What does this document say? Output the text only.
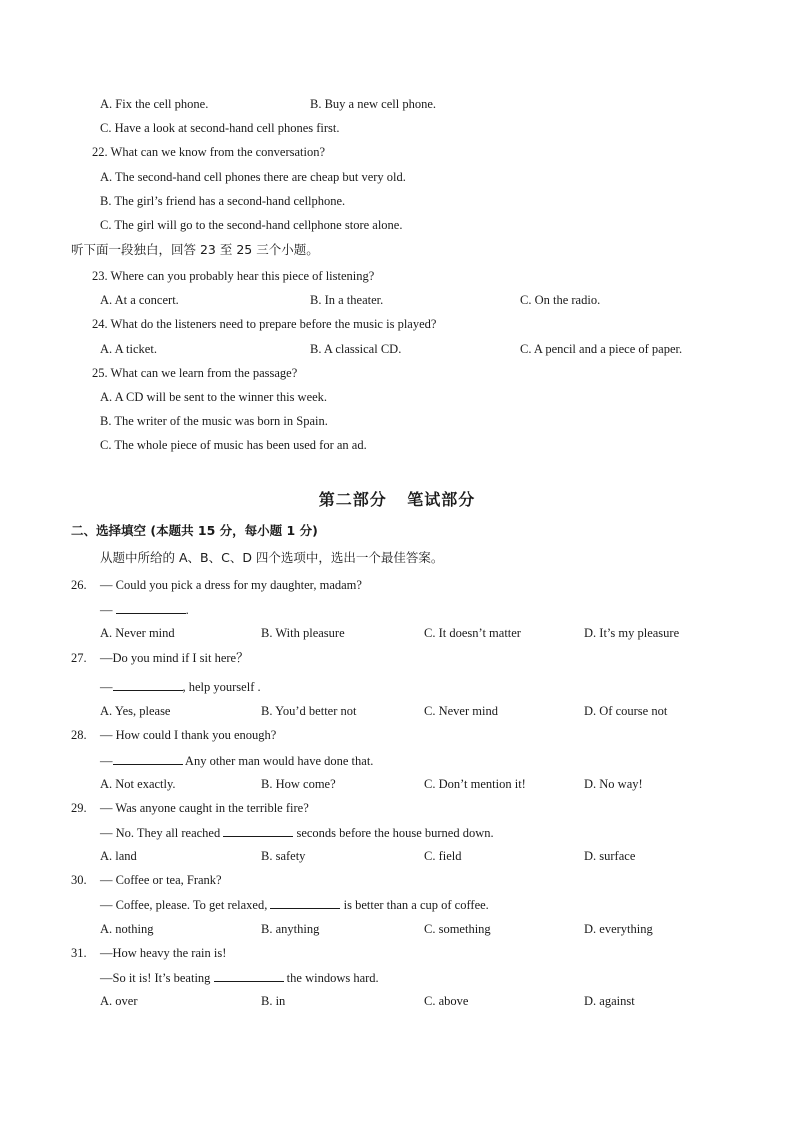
A. Fix the cell phone.	B. Buy a new cell phone.
C. Have a look at second-hand cell phones first.
22. What can we know from the conversation?
A. The second-hand cell phones there are cheap but very old.
B. The girl’s friend has a second-hand cellphone.
C. The girl will go to the second-hand cellphone store alone.
听下面一段独白，回答 23 至 25 三个小题。
23. Where can you probably hear this piece of listening?
A. At a concert.	B. In a theater.	C. On the radio.
24. What do the listeners need to prepare before the music is played?
A. A ticket.	B. A classical CD.	C. A pencil and a piece of paper.
25. What can we learn from the passage?
A. A CD will be sent to the winner this week.
B. The writer of the music was born in Spain.
C. The whole piece of music has been used for an ad.
第二部分 笔试部分
二、选择填空 (本题共 15 分，每小题 1 分)
从题中所给的 A、B、C、D 四个选项中，选出一个最佳答案。
26. — Could you pick a dress for my daughter, madam?
—	.
A. Never mind	B. With pleasure	C. It doesn’t matter	D. It’s my pleasure
27. —Do you mind if I sit here？
—	, help yourself .
A. Yes, please	B. You’d better not	C. Never mind	D. Of course not
28. — How could I thank you enough?
—	Any other man would have done that.
A. Not exactly.	B. How come?	C. Don’t mention it!	D. No way!
29. — Was anyone caught in the terrible fire?
— No. They all reached	seconds before the house burned down.
A. land	B. safety	C. field	D. surface
30. — Coffee or tea, Frank?
— Coffee, please. To get relaxed,	is better than a cup of coffee.
A. nothing	B. anything	C. something	D. everything
31. —How heavy the rain is!
—So it is! It’s beating	the windows hard.
A. over	B. in	C. above	D. against
